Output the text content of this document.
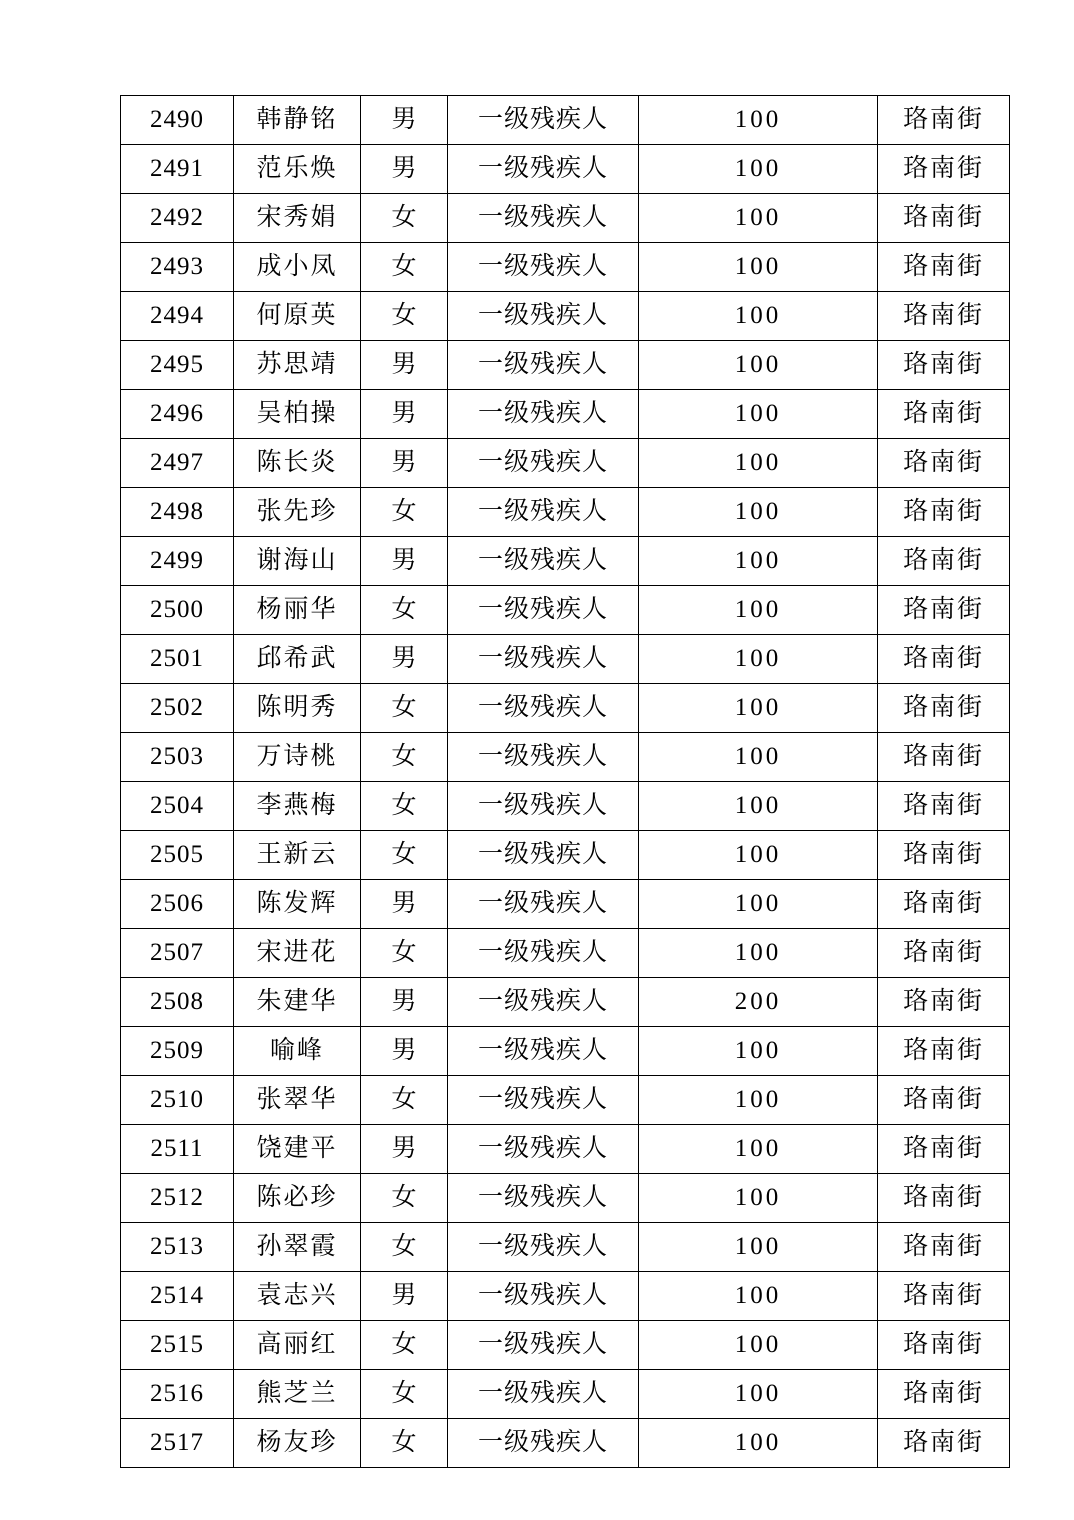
2490	韩静铭	男	一级残疾人	100	珞南街
2491	范乐焕	男	一级残疾人	100	珞南街
2492	宋秀娟	女	一级残疾人	100	珞南街
2493	成小凤	女	一级残疾人	100	珞南街
2494	何原英	女	一级残疾人	100	珞南街
2495	苏思靖	男	一级残疾人	100	珞南街
2496	吴柏操	男	一级残疾人	100	珞南街
2497	陈长炎	男	一级残疾人	100	珞南街
2498	张先珍	女	一级残疾人	100	珞南街
2499	谢海山	男	一级残疾人	100	珞南街
2500	杨丽华	女	一级残疾人	100	珞南街
2501	邱希武	男	一级残疾人	100	珞南街
2502	陈明秀	女	一级残疾人	100	珞南街
2503	万诗桃	女	一级残疾人	100	珞南街
2504	李燕梅	女	一级残疾人	100	珞南街
2505	王新云	女	一级残疾人	100	珞南街
2506	陈发辉	男	一级残疾人	100	珞南街
2507	宋进花	女	一级残疾人	100	珞南街
2508	朱建华	男	一级残疾人	200	珞南街
2509	喻峰	男	一级残疾人	100	珞南街
2510	张翠华	女	一级残疾人	100	珞南街
2511	饶建平	男	一级残疾人	100	珞南街
2512	陈必珍	女	一级残疾人	100	珞南街
2513	孙翠霞	女	一级残疾人	100	珞南街
2514	袁志兴	男	一级残疾人	100	珞南街
2515	高丽红	女	一级残疾人	100	珞南街
2516	熊芝兰	女	一级残疾人	100	珞南街
2517	杨友珍	女	一级残疾人	100	珞南街
